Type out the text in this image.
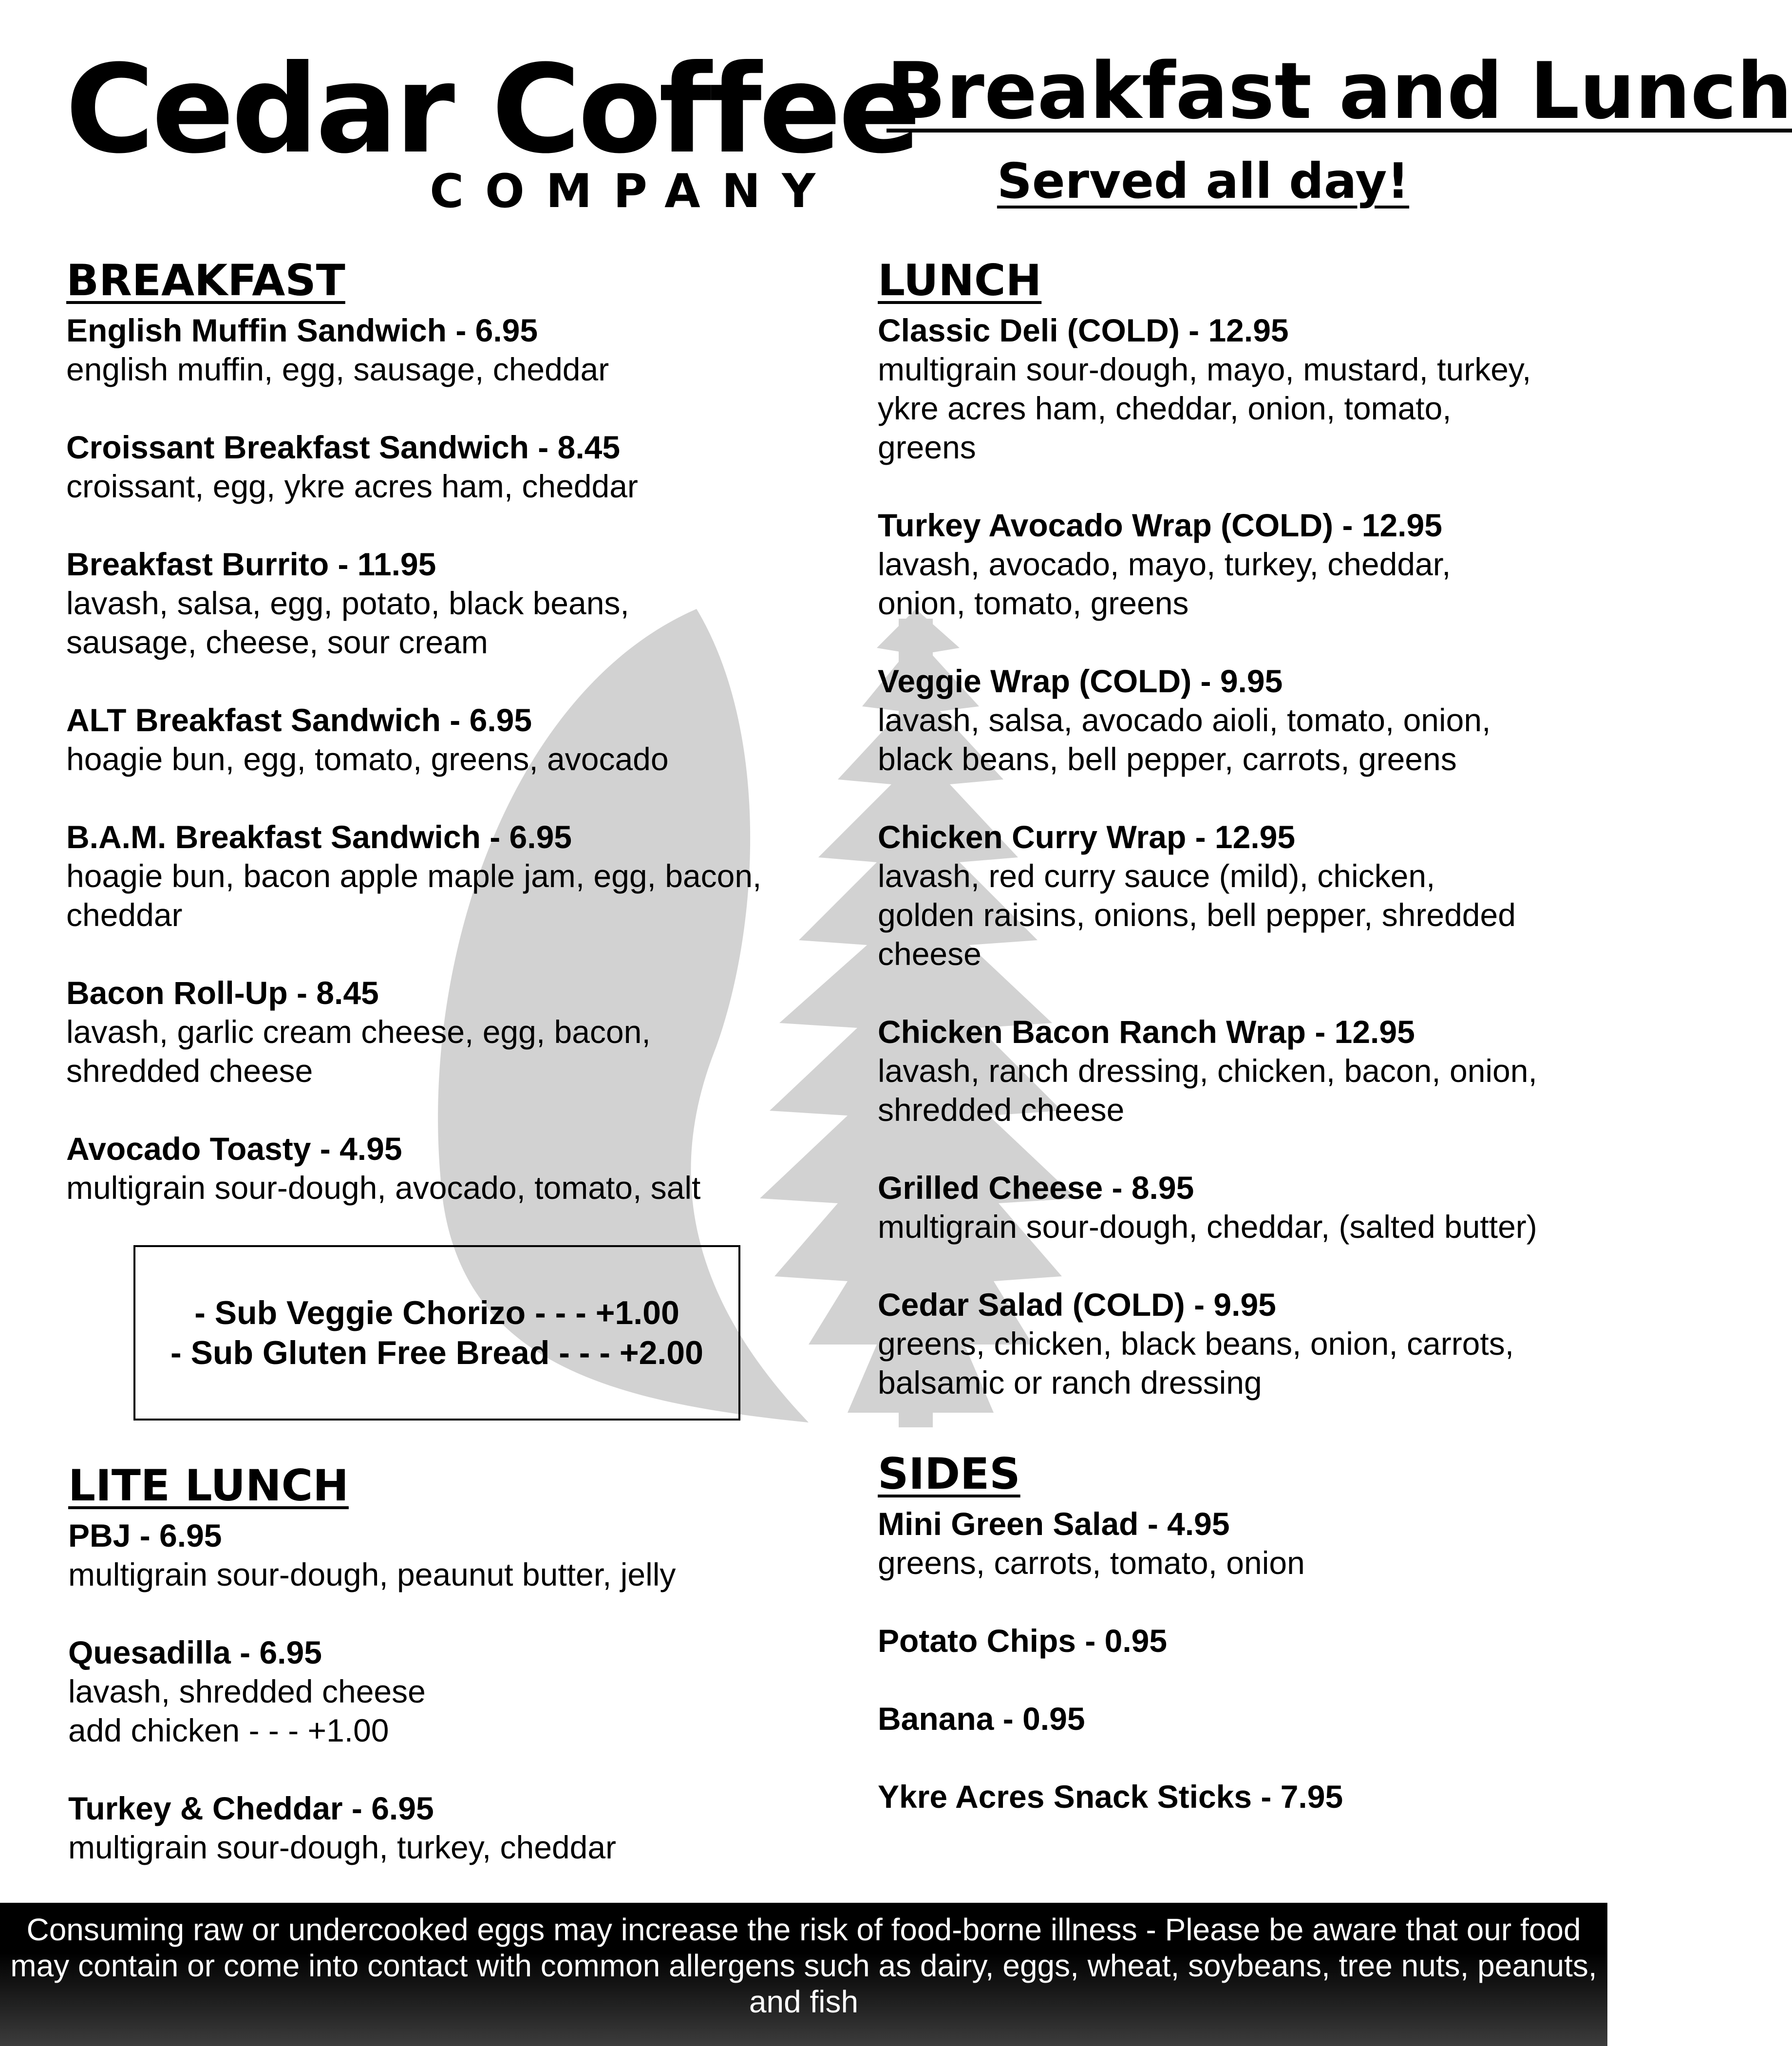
Cedar Coffee
COMPANY
Breakfast and Lunch
Served all day!
BREAKFAST
English Muffin Sandwich - 6.95
english muffin, egg, sausage, cheddar
Croissant Breakfast Sandwich - 8.45
croissant, egg, ykre acres ham, cheddar
Breakfast Burrito - 11.95
lavash, salsa, egg, potato, black beans,
sausage, cheese, sour cream
ALT Breakfast Sandwich - 6.95
hoagie bun, egg, tomato, greens, avocado
B.A.M. Breakfast Sandwich - 6.95
hoagie bun, bacon apple maple jam, egg, bacon,
cheddar
Bacon Roll-Up - 8.45
lavash, garlic cream cheese, egg, bacon,
shredded cheese
Avocado Toasty - 4.95
multigrain sour-dough, avocado, tomato, salt
- Sub Veggie Chorizo - - - +1.00
- Sub Gluten Free Bread - - - +2.00
LITE LUNCH
PBJ - 6.95
multigrain sour-dough, peaunut butter, jelly
Quesadilla - 6.95
lavash, shredded cheese
add chicken - - - +1.00
Turkey & Cheddar - 6.95
multigrain sour-dough, turkey, cheddar
LUNCH
Classic Deli (COLD) - 12.95
multigrain sour-dough, mayo, mustard, turkey,
ykre acres ham, cheddar, onion, tomato,
greens
Turkey Avocado Wrap (COLD) - 12.95
lavash, avocado, mayo, turkey, cheddar,
onion, tomato, greens
Veggie Wrap (COLD) - 9.95
lavash, salsa, avocado aioli, tomato, onion,
black beans, bell pepper, carrots, greens
Chicken Curry Wrap - 12.95
lavash, red curry sauce (mild), chicken,
golden raisins, onions, bell pepper, shredded
cheese
Chicken Bacon Ranch Wrap - 12.95
lavash, ranch dressing, chicken, bacon, onion,
shredded cheese
Grilled Cheese - 8.95
multigrain sour-dough, cheddar, (salted butter)
Cedar Salad (COLD) - 9.95
greens, chicken, black beans, onion, carrots,
balsamic or ranch dressing
SIDES
Mini Green Salad - 4.95
greens, carrots, tomato, onion
Potato Chips - 0.95
Banana - 0.95
Ykre Acres Snack Sticks - 7.95
Consuming raw or undercooked eggs may increase the risk of food-borne illness - Please be aware that our food may contain or come into contact with common allergens such as dairy, eggs, wheat, soybeans, tree nuts, peanuts, and fish
